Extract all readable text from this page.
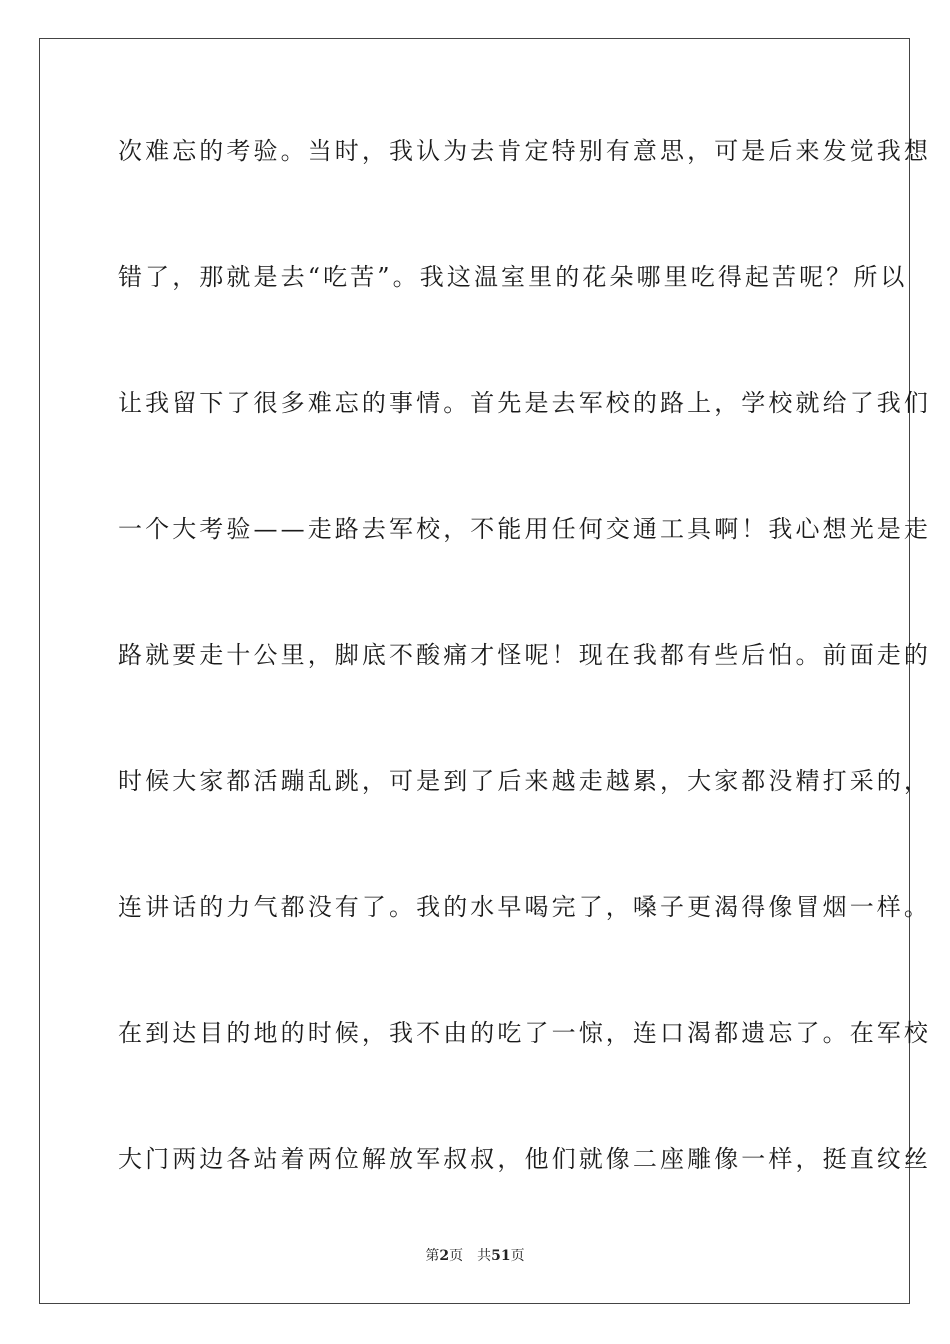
次难忘的考验。当时，我认为去肯定特别有意思，可是后来发觉我想
错了，那就是去“吃苦”。我这温室里的花朵哪里吃得起苦呢？所以
让我留下了很多难忘的事情。首先是去军校的路上，学校就给了我们
一个大考验——走路去军校，不能用任何交通工具啊！我心想光是走
路就要走十公里，脚底不酸痛才怪呢！现在我都有些后怕。前面走的
时候大家都活蹦乱跳，可是到了后来越走越累，大家都没精打采的，
连讲话的力气都没有了。我的水早喝完了，嗓子更渴得像冒烟一样。
在到达目的地的时候，我不由的吃了一惊，连口渴都遗忘了。在军校
大门两边各站着两位解放军叔叔，他们就像二座雕像一样，挺直纹丝
第2页 共51页
